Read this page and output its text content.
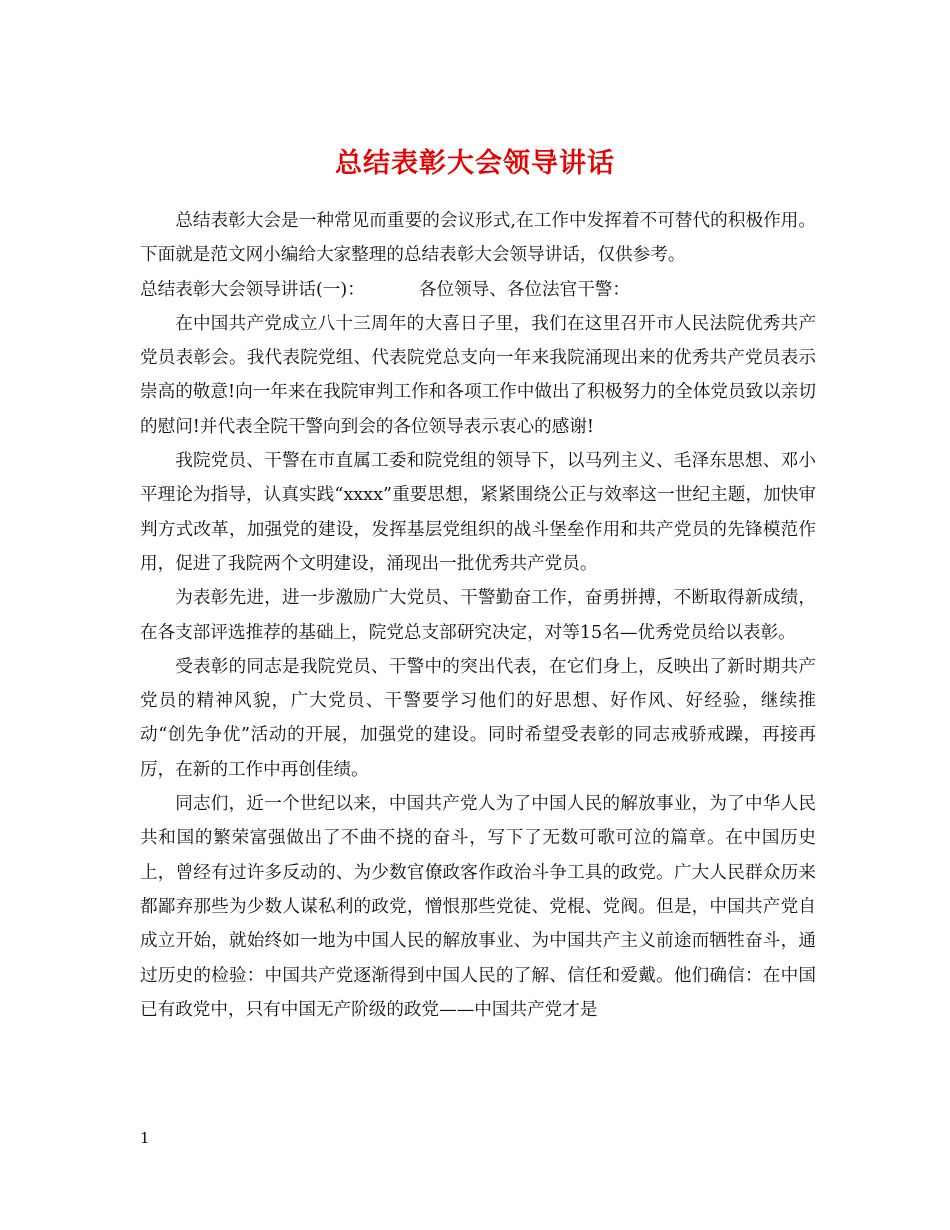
总结表彰大会领导讲话

总结表彰大会是一种常见而重要的会议形式,在工作中发挥着不可替代的积极作用。下面就是范文网小编给大家整理的总结表彰大会领导讲话，仅供参考。

总结表彰大会领导讲话(一)：	各位领导、各位法官干警：

在中国共产党成立八十三周年的大喜日子里，我们在这里召开市人民法院优秀共产党员表彰会。我代表院党组、代表院党总支向一年来我院涌现出来的优秀共产党员表示崇高的敬意!向一年来在我院审判工作和各项工作中做出了积极努力的全体党员致以亲切的慰问!并代表全院干警向到会的各位领导表示衷心的感谢!

我院党员、干警在市直属工委和院党组的领导下，以马列主义、毛泽东思想、邓小平理论为指导，认真实践“xxxx”重要思想，紧紧围绕公正与效率这一世纪主题，加快审判方式改革，加强党的建设，发挥基层党组织的战斗堡垒作用和共产党员的先锋模范作用，促进了我院两个文明建设，涌现出一批优秀共产党员。

为表彰先进，进一步激励广大党员、干警勤奋工作，奋勇拼搏，不断取得新成绩，在各支部评选推荐的基础上，院党总支部研究决定，对等15名—优秀党员给以表彰。

受表彰的同志是我院党员、干警中的突出代表，在它们身上，反映出了新时期共产党员的精神风貌，广大党员、干警要学习他们的好思想、好作风、好经验，继续推动“创先争优”活动的开展，加强党的建设。同时希望受表彰的同志戒骄戒躁，再接再厉，在新的工作中再创佳绩。

同志们，近一个世纪以来，中国共产党人为了中国人民的解放事业，为了中华人民共和国的繁荣富强做出了不曲不挠的奋斗，写下了无数可歌可泣的篇章。在中国历史上，曾经有过许多反动的、为少数官僚政客作政治斗争工具的政党。广大人民群众历来都鄙弃那些为少数人谋私利的政党，憎恨那些党徒、党棍、党阀。但是，中国共产党自成立开始，就始终如一地为中国人民的解放事业、为中国共产主义前途而牺牲奋斗，通过历史的检验：中国共产党逐渐得到中国人民的了解、信任和爱戴。他们确信：在中国已有政党中，只有中国无产阶级的政党——中国共产党才是

1
